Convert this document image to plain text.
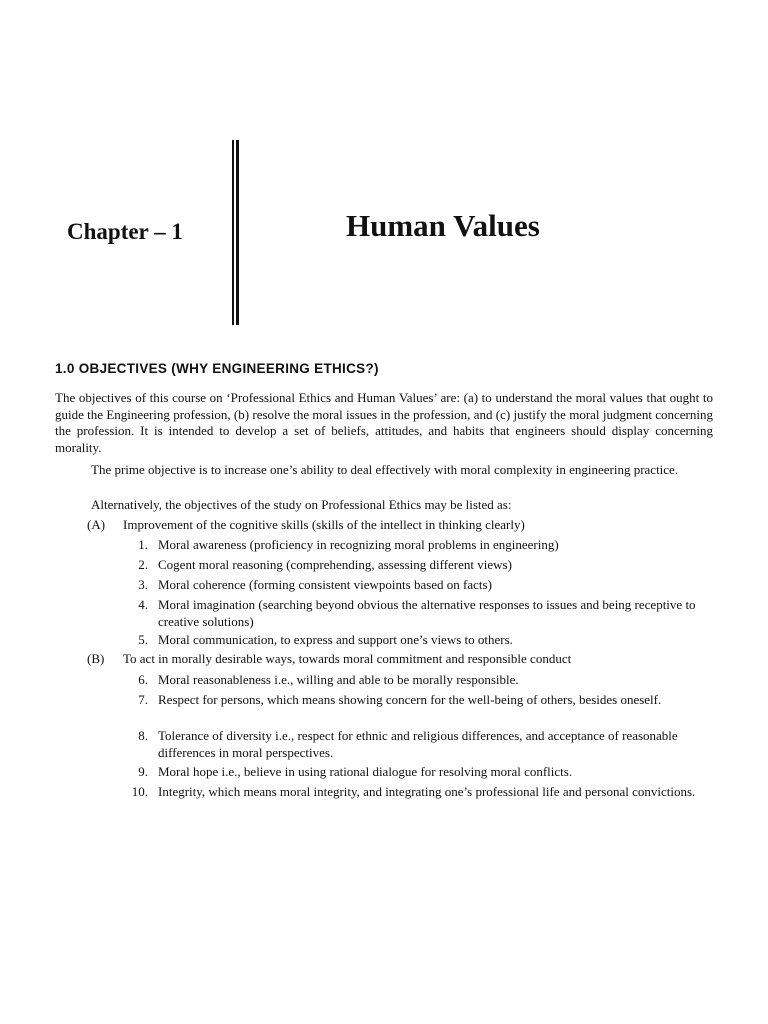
Chapter – 1	Human Values
1.0 OBJECTIVES (WHY ENGINEERING ETHICS?)
The objectives of this course on ‘Professional Ethics and Human Values’ are: (a) to understand the moral values that ought to guide the Engineering profession, (b) resolve the moral issues in the profession, and (c) justify the moral judgment concerning the profession. It is intended to develop a set of beliefs, attitudes, and habits that engineers should display concerning morality.
The prime objective is to increase one’s ability to deal effectively with moral complexity in engineering practice.
Alternatively, the objectives of the study on Professional Ethics may be listed as:
(A) Improvement of the cognitive skills (skills of the intellect in thinking clearly)
1. Moral awareness (proficiency in recognizing moral problems in engineering)
2. Cogent moral reasoning (comprehending, assessing different views)
3. Moral coherence (forming consistent viewpoints based on facts)
4. Moral imagination (searching beyond obvious the alternative responses to issues and being receptive to creative solutions)
5. Moral communication, to express and support one’s views to others.
(B) To act in morally desirable ways, towards moral commitment and responsible conduct
6. Moral reasonableness i.e., willing and able to be morally responsible.
7. Respect for persons, which means showing concern for the well-being of others, besides oneself.
8. Tolerance of diversity i.e., respect for ethnic and religious differences, and acceptance of reasonable differences in moral perspectives.
9. Moral hope i.e., believe in using rational dialogue for resolving moral conflicts.
10. Integrity, which means moral integrity, and integrating one’s professional life and personal convictions.
